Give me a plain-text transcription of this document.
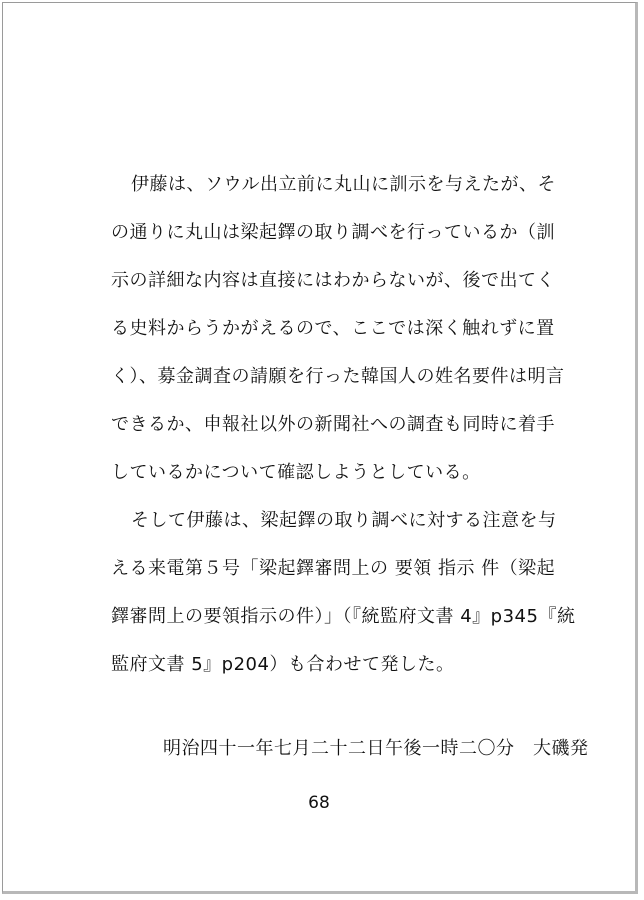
伊藤は、ソウル出立前に丸山に訓示を与えたが、そ
の通りに丸山は梁起鐸の取り調べを行っているか（訓
示の詳細な内容は直接にはわからないが、後で出てく
る史料からうかがえるので、ここでは深く触れずに置
く）、募金調査の請願を行った韓国人の姓名要件は明言
できるか、申報社以外の新聞社への調査も同時に着手
しているかについて確認しようとしている。
そして伊藤は、梁起鐸の取り調べに対する注意を与
える来電第５号「梁起鐸審問上の 要領 指示 件（梁起
鐸審問上の要領指示の件）」（『統監府文書 4』p345『統
監府文書 5』p204）も合わせて発した。
明治四十一年七月二十二日午後一時二〇分　大磯発
68
